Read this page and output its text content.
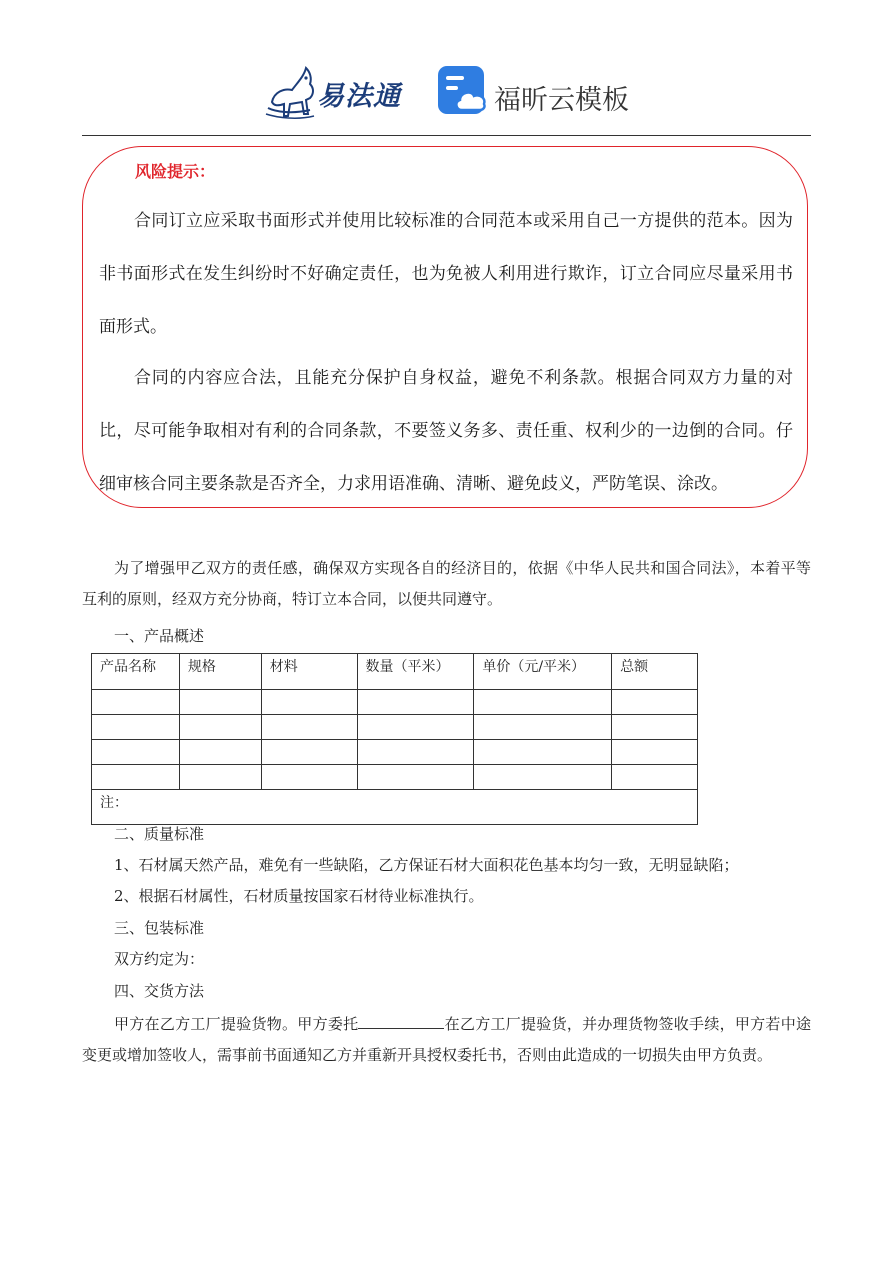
易法通	福昕云模板
风险提示：

合同订立应采取书面形式并使用比较标准的合同范本或采用自己一方提供的范本。因为非书面形式在发生纠纷时不好确定责任，也为免被人利用进行欺诈，订立合同应尽量采用书面形式。

合同的内容应合法，且能充分保护自身权益，避免不利条款。根据合同双方力量的对比，尽可能争取相对有利的合同条款，不要签义务多、责任重、权利少的一边倒的合同。仔细审核合同主要条款是否齐全，力求用语准确、清晰、避免歧义，严防笔误、涂改。

为了增强甲乙双方的责任感，确保双方实现各自的经济目的，依据《中华人民共和国合同法》，本着平等互利的原则，经双方充分协商，特订立本合同，以便共同遵守。

一、产品概述
产品名称	规格	材料	数量（平米）	单价（元/平米）	总额

注：					
二、质量标准
1、石材属天然产品，难免有一些缺陷，乙方保证石材大面积花色基本均匀一致，无明显缺陷；
2、根据石材属性，石材质量按国家石材待业标准执行。
三、包装标准
双方约定为：
四、交货方法

甲方在乙方工厂提验货物。甲方委托	在乙方工厂提验货，并办理货物签收手续，甲方若中途变更或增加签收人，需事前书面通知乙方并重新开具授权委托书，否则由此造成的一切损失由甲方负责。
